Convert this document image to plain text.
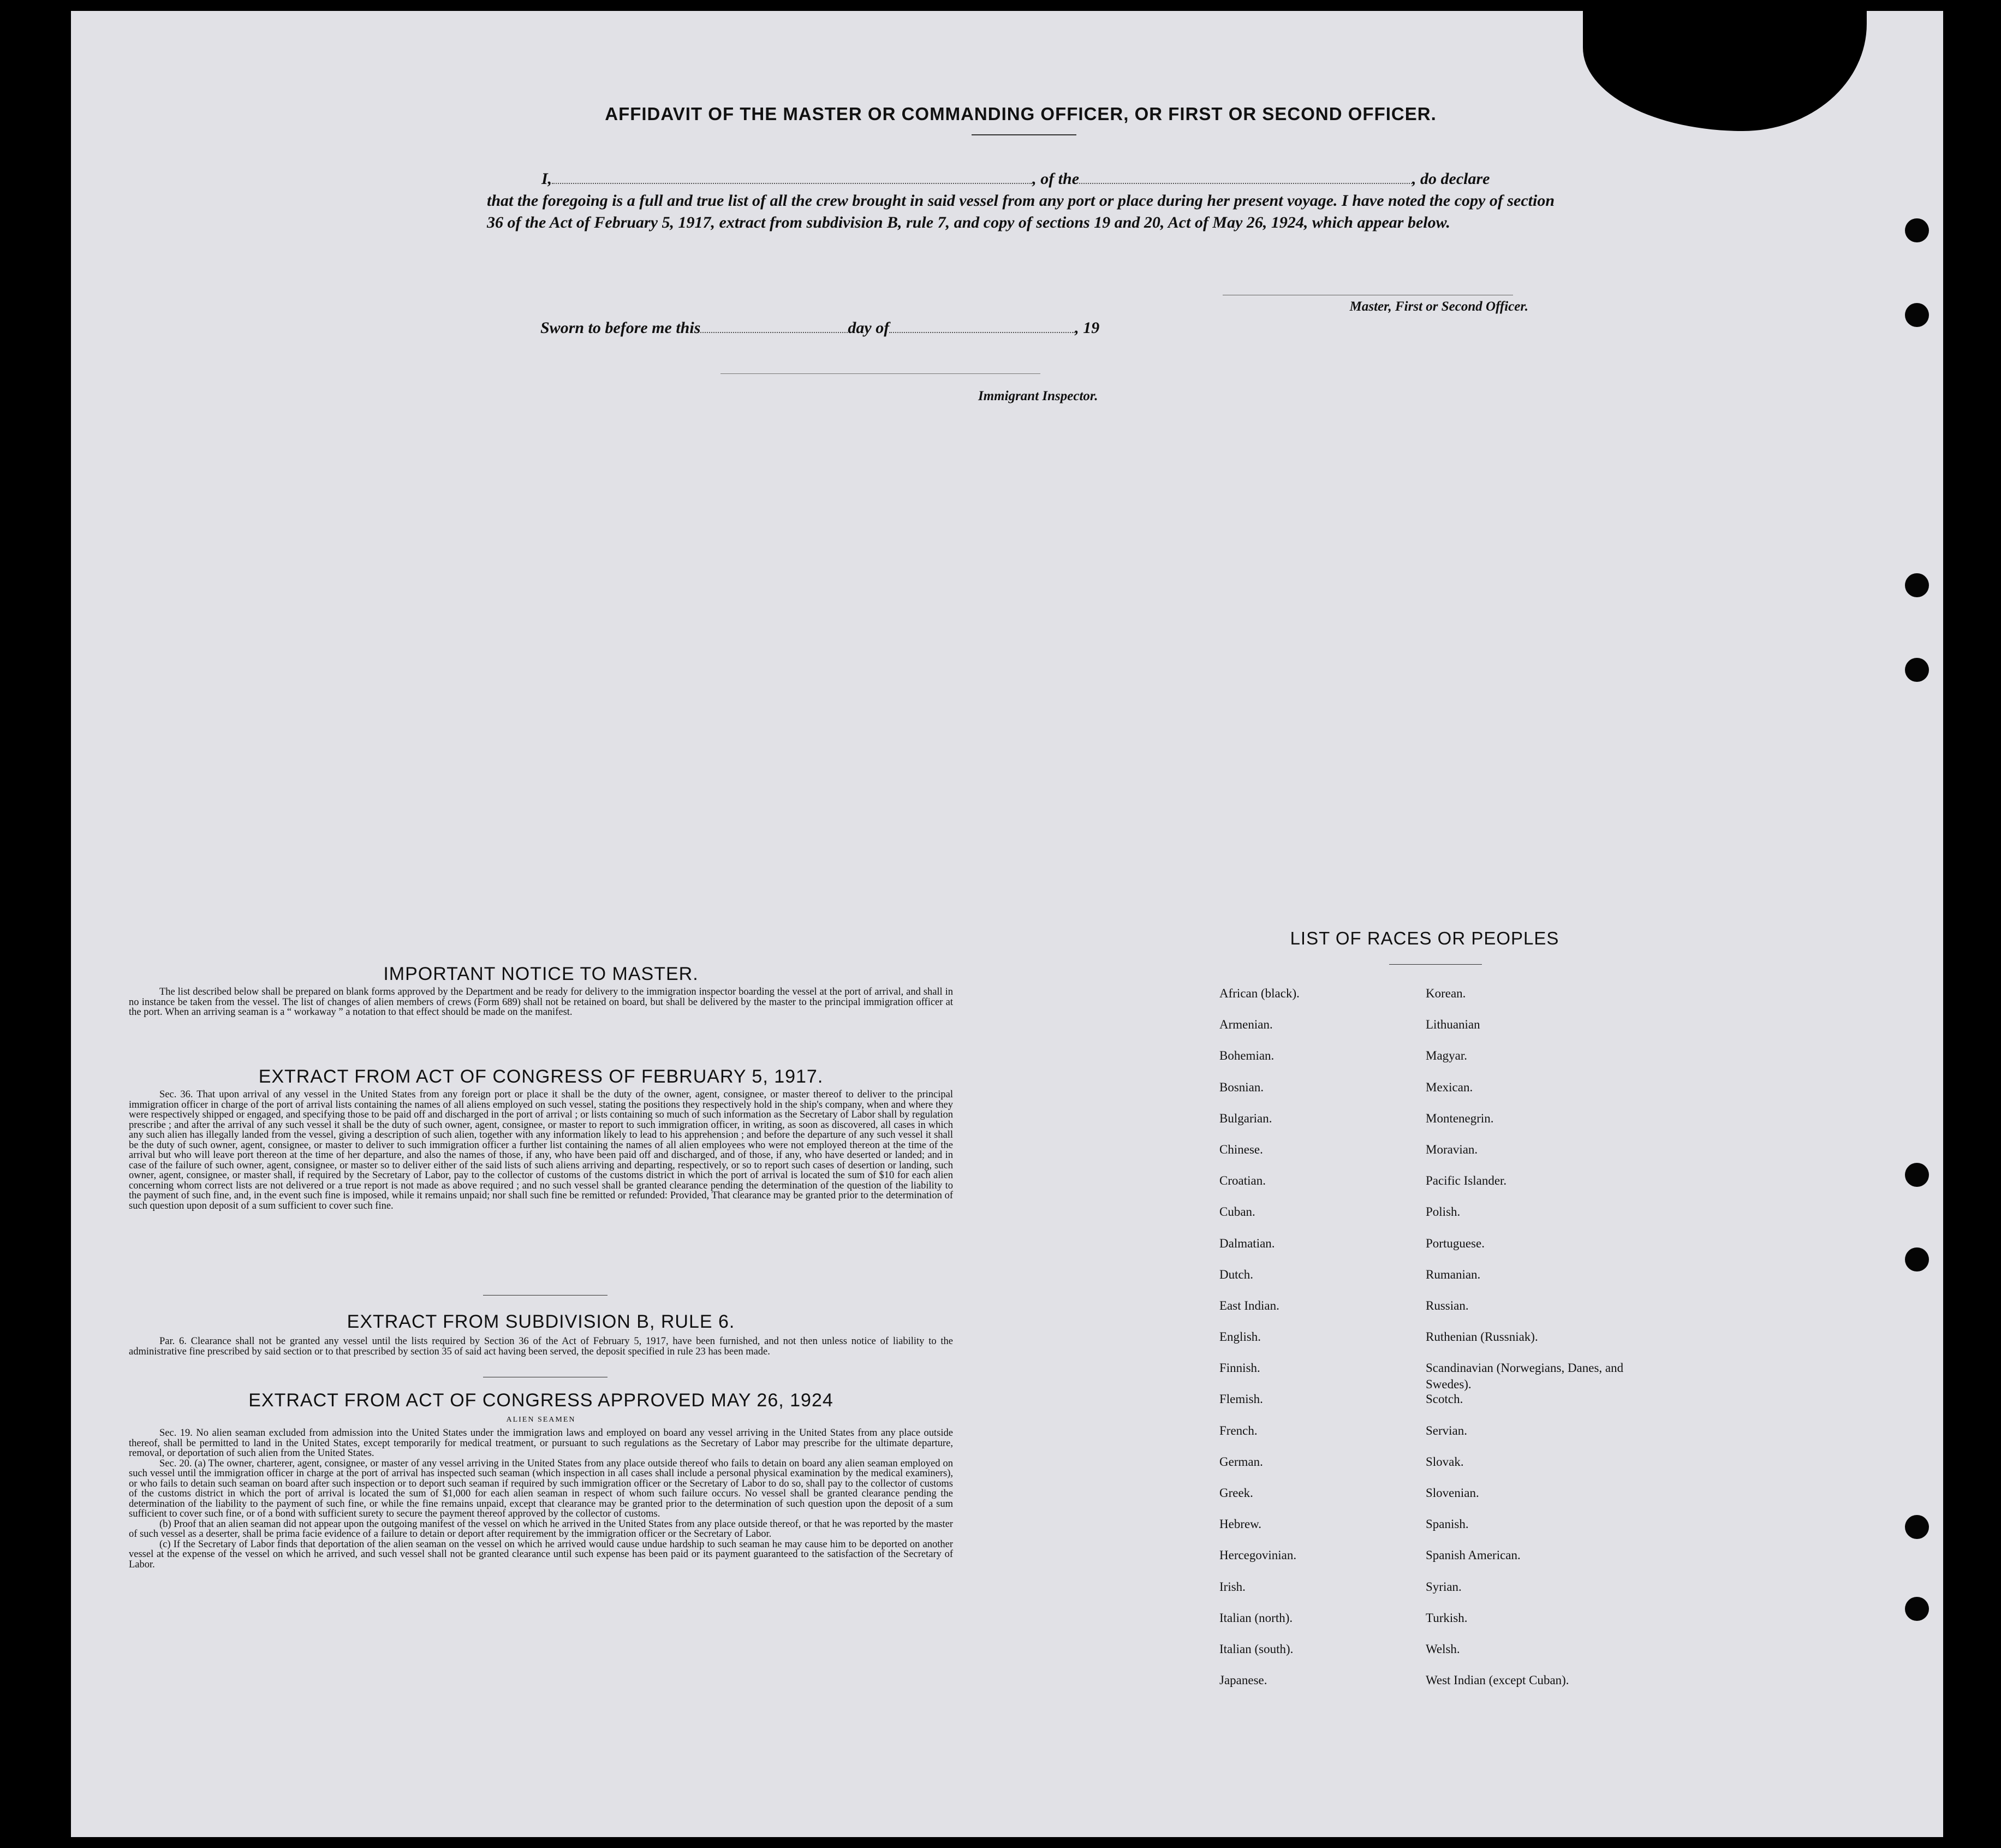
AFFIDAVIT OF THE MASTER OR COMMANDING OFFICER, OR FIRST OR SECOND OFFICER.
I,	, of the	, do declare
that the foregoing is a full and true list of all the crew brought in said vessel from any port or place during her present voyage. I have noted the copy of section 36 of the Act of February 5, 1917, extract from subdivision B, rule 7, and copy of sections 19 and 20, Act of May 26, 1924, which appear below.
Master, First or Second Officer.
Sworn to before me this	day of	, 19
Immigrant Inspector.
IMPORTANT NOTICE TO MASTER.

The list described below shall be prepared on blank forms approved by the Department and be ready for delivery to the immigration inspector boarding the vessel at the port of arrival, and shall in no instance be taken from the vessel. The list of changes of alien members of crews (Form 689) shall not be retained on board, but shall be delivered by the master to the principal immigration officer at the port. When an arriving seaman is a “ workaway ” a notation to that effect should be made on the manifest.

EXTRACT FROM ACT OF CONGRESS OF FEBRUARY 5, 1917.

Sec. 36. That upon arrival of any vessel in the United States from any foreign port or place it shall be the duty of the owner, agent, consignee, or master thereof to deliver to the principal immigration officer in charge of the port of arrival lists containing the names of all aliens employed on such vessel, stating the positions they respectively hold in the ship's company, when and where they were respectively shipped or engaged, and specifying those to be paid off and discharged in the port of arrival ; or lists containing so much of such information as the Secretary of Labor shall by regulation prescribe ; and after the arrival of any such vessel it shall be the duty of such owner, agent, consignee, or master to report to such immigration officer, in writing, as soon as discovered, all cases in which any such alien has illegally landed from the vessel, giving a description of such alien, together with any information likely to lead to his apprehension ; and before the departure of any such vessel it shall be the duty of such owner, agent, consignee, or master to deliver to such immigration officer a further list containing the names of all alien employees who were not employed thereon at the time of the arrival but who will leave port thereon at the time of her departure, and also the names of those, if any, who have been paid off and discharged, and of those, if any, who have deserted or landed; and in case of the failure of such owner, agent, consignee, or master so to deliver either of the said lists of such aliens arriving and departing, respectively, or so to report such cases of desertion or landing, such owner, agent, consignee, or master shall, if required by the Secretary of Labor, pay to the collector of customs of the customs district in which the port of arrival is located the sum of $10 for each alien concerning whom correct lists are not delivered or a true report is not made as above required ; and no such vessel shall be granted clearance pending the determination of the question of the liability to the payment of such fine, and, in the event such fine is imposed, while it remains unpaid; nor shall such fine be remitted or refunded: Provided, That clearance may be granted prior to the determination of such question upon deposit of a sum sufficient to cover such fine.

EXTRACT FROM SUBDIVISION B, RULE 6.

Par. 6. Clearance shall not be granted any vessel until the lists required by Section 36 of the Act of February 5, 1917, have been furnished, and not then unless notice of liability to the administrative fine prescribed by said section or to that prescribed by section 35 of said act having been served, the deposit specified in rule 23 has been made.

EXTRACT FROM ACT OF CONGRESS APPROVED MAY 26, 1924
ALIEN SEAMEN

Sec. 19. No alien seaman excluded from admission into the United States under the immigration laws and employed on board any vessel arriving in the United States from any place outside thereof, shall be permitted to land in the United States, except temporarily for medical treatment, or pursuant to such regulations as the Secretary of Labor may prescribe for the ultimate departure, removal, or deportation of such alien from the United States.

Sec. 20. (a) The owner, charterer, agent, consignee, or master of any vessel arriving in the United States from any place outside thereof who fails to detain on board any alien seaman employed on such vessel until the immigration officer in charge at the port of arrival has inspected such seaman (which inspection in all cases shall include a personal physical examination by the medical examiners), or who fails to detain such seaman on board after such inspection or to deport such seaman if required by such immigration officer or the Secretary of Labor to do so, shall pay to the collector of customs of the customs district in which the port of arrival is located the sum of $1,000 for each alien seaman in respect of whom such failure occurs. No vessel shall be granted clearance pending the determination of the liability to the payment of such fine, or while the fine remains unpaid, except that clearance may be granted prior to the determination of such question upon the deposit of a sum sufficient to cover such fine, or of a bond with sufficient surety to secure the payment thereof approved by the collector of customs.

(b) Proof that an alien seaman did not appear upon the outgoing manifest of the vessel on which he arrived in the United States from any place outside thereof, or that he was reported by the master of such vessel as a deserter, shall be prima facie evidence of a failure to detain or deport after requirement by the immigration officer or the Secretary of Labor.

(c) If the Secretary of Labor finds that deportation of the alien seaman on the vessel on which he arrived would cause undue hardship to such seaman he may cause him to be deported on another vessel at the expense of the vessel on which he arrived, and such vessel shall not be granted clearance until such expense has been paid or its payment guaranteed to the satisfaction of the Secretary of Labor.

LIST OF RACES OR PEOPLES
African (black).
Armenian.
Bohemian.
Bosnian.
Bulgarian.
Chinese.
Croatian.
Cuban.
Dalmatian.
Dutch.
East Indian.
English.
Finnish.
Flemish.
French.
German.
Greek.
Hebrew.
Hercegovinian.
Irish.
Italian (north).
Italian (south).
Japanese.
Korean.
Lithuanian
Magyar.
Mexican.
Montenegrin.
Moravian.
Pacific Islander.
Polish.
Portuguese.
Rumanian.
Russian.
Ruthenian (Russniak).
Scandinavian (Norwegians, Danes, and Swedes).
Scotch.
Servian.
Slovak.
Slovenian.
Spanish.
Spanish American.
Syrian.
Turkish.
Welsh.
West Indian (except Cuban).
